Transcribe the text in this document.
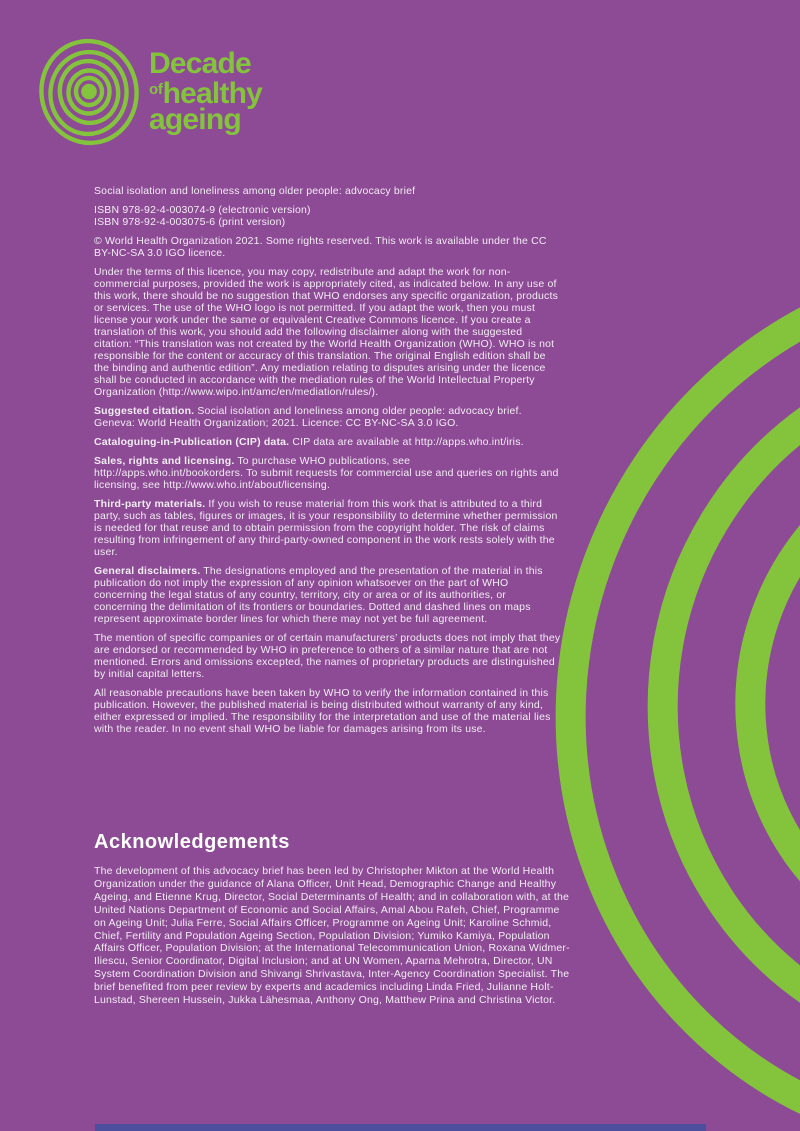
Decade
$^{of}$healthy
ageing

Social isolation and loneliness among older people: advocacy brief

ISBN 978-92-4-003074-9 (electronic version)
ISBN 978-92-4-003075-6 (print version)

© World Health Organization 2021. Some rights reserved. This work is available under the CC BY-NC-SA 3.0 IGO licence.

Under the terms of this licence, you may copy, redistribute and adapt the work for non-commercial purposes, provided the work is appropriately cited, as indicated below. In any use of this work, there should be no suggestion that WHO endorses any specific organization, products or services. The use of the WHO logo is not permitted. If you adapt the work, then you must license your work under the same or equivalent Creative Commons licence. If you create a translation of this work, you should add the following disclaimer along with the suggested citation: “This translation was not created by the World Health Organization (WHO). WHO is not responsible for the content or accuracy of this translation. The original English edition shall be the binding and authentic edition”. Any mediation relating to disputes arising under the licence shall be conducted in accordance with the mediation rules of the World Intellectual Property Organization (http://www.wipo.int/amc/en/mediation/rules/).

Suggested citation. Social isolation and loneliness among older people: advocacy brief. Geneva: World Health Organization; 2021. Licence: CC BY-NC-SA 3.0 IGO.

Cataloguing-in-Publication (CIP) data. CIP data are available at http://apps.who.int/iris.

Sales, rights and licensing. To purchase WHO publications, see http://apps.who.int/bookorders. To submit requests for commercial use and queries on rights and licensing, see http://www.who.int/about/licensing.

Third-party materials. If you wish to reuse material from this work that is attributed to a third party, such as tables, figures or images, it is your responsibility to determine whether permission is needed for that reuse and to obtain permission from the copyright holder. The risk of claims resulting from infringement of any third-party-owned component in the work rests solely with the user.

General disclaimers. The designations employed and the presentation of the material in this publication do not imply the expression of any opinion whatsoever on the part of WHO concerning the legal status of any country, territory, city or area or of its authorities, or concerning the delimitation of its frontiers or boundaries. Dotted and dashed lines on maps represent approximate border lines for which there may not yet be full agreement.

The mention of specific companies or of certain manufacturers’ products does not imply that they are endorsed or recommended by WHO in preference to others of a similar nature that are not mentioned. Errors and omissions excepted, the names of proprietary products are distinguished by initial capital letters.

All reasonable precautions have been taken by WHO to verify the information contained in this publication. However, the published material is being distributed without warranty of any kind, either expressed or implied. The responsibility for the interpretation and use of the material lies with the reader. In no event shall WHO be liable for damages arising from its use.

Acknowledgements

The development of this advocacy brief has been led by Christopher Mikton at the World Health Organization under the guidance of Alana Officer, Unit Head, Demographic Change and Healthy Ageing, and Etienne Krug, Director, Social Determinants of Health; and in collaboration with, at the United Nations Department of Economic and Social Affairs, Amal Abou Rafeh, Chief, Programme on Ageing Unit; Julia Ferre, Social Affairs Officer, Programme on Ageing Unit; Karoline Schmid, Chief, Fertility and Population Ageing Section, Population Division; Yumiko Kamiya, Population Affairs Officer, Population Division; at the International Telecommunication Union, Roxana Widmer-Iliescu, Senior Coordinator, Digital Inclusion; and at UN Women, Aparna Mehrotra, Director, UN System Coordination Division and Shivangi Shrivastava, Inter-Agency Coordination Specialist. The brief benefited from peer review by experts and academics including Linda Fried, Julianne Holt-Lunstad, Shereen Hussein, Jukka Lähesmaa, Anthony Ong, Matthew Prina and Christina Victor.
